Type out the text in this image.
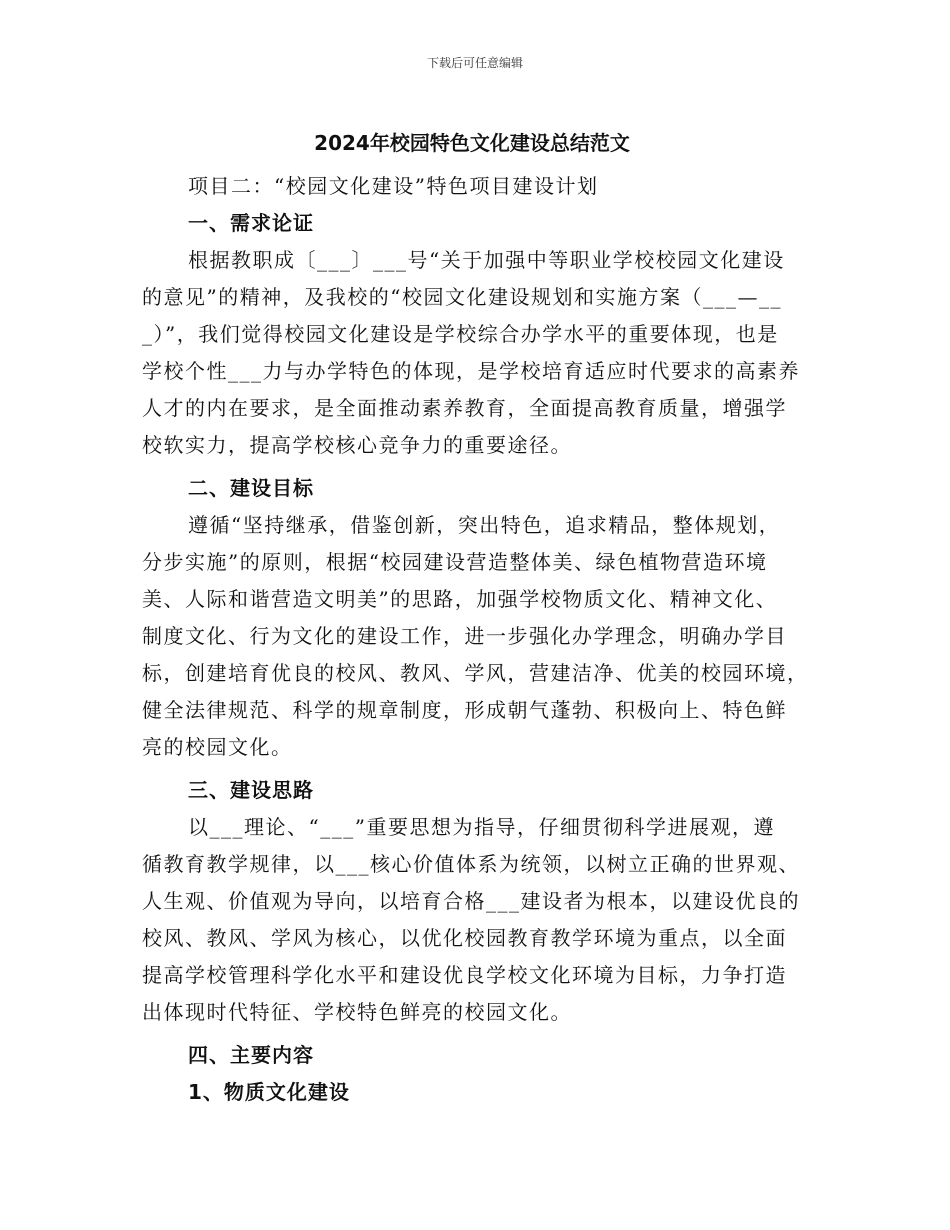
下载后可任意编辑
2024年校园特色文化建设总结范文
项目二：“校园文化建设”特色项目建设计划
一、需求论证
根据教职成〔___〕___号“关于加强中等职业学校校园文化建设
的意见”的精神，及我校的“校园文化建设规划和实施方案（___—__
_）”，我们觉得校园文化建设是学校综合办学水平的重要体现，也是
学校个性___力与办学特色的体现，是学校培育适应时代要求的高素养
人才的内在要求，是全面推动素养教育，全面提高教育质量，增强学
校软实力，提高学校核心竞争力的重要途径。
二、建设目标
遵循“坚持继承，借鉴创新，突出特色，追求精品，整体规划，
分步实施”的原则，根据“校园建设营造整体美、绿色植物营造环境
美、人际和谐营造文明美”的思路，加强学校物质文化、精神文化、
制度文化、行为文化的建设工作，进一步强化办学理念，明确办学目
标，创建培育优良的校风、教风、学风，营建洁净、优美的校园环境，
健全法律规范、科学的规章制度，形成朝气蓬勃、积极向上、特色鲜
亮的校园文化。
三、建设思路
以___理论、“___”重要思想为指导，仔细贯彻科学进展观，遵
循教育教学规律，以___核心价值体系为统领，以树立正确的世界观、
人生观、价值观为导向，以培育合格___建设者为根本，以建设优良的
校风、教风、学风为核心，以优化校园教育教学环境为重点，以全面
提高学校管理科学化水平和建设优良学校文化环境为目标，力争打造
出体现时代特征、学校特色鲜亮的校园文化。
四、主要内容
1、物质文化建设
